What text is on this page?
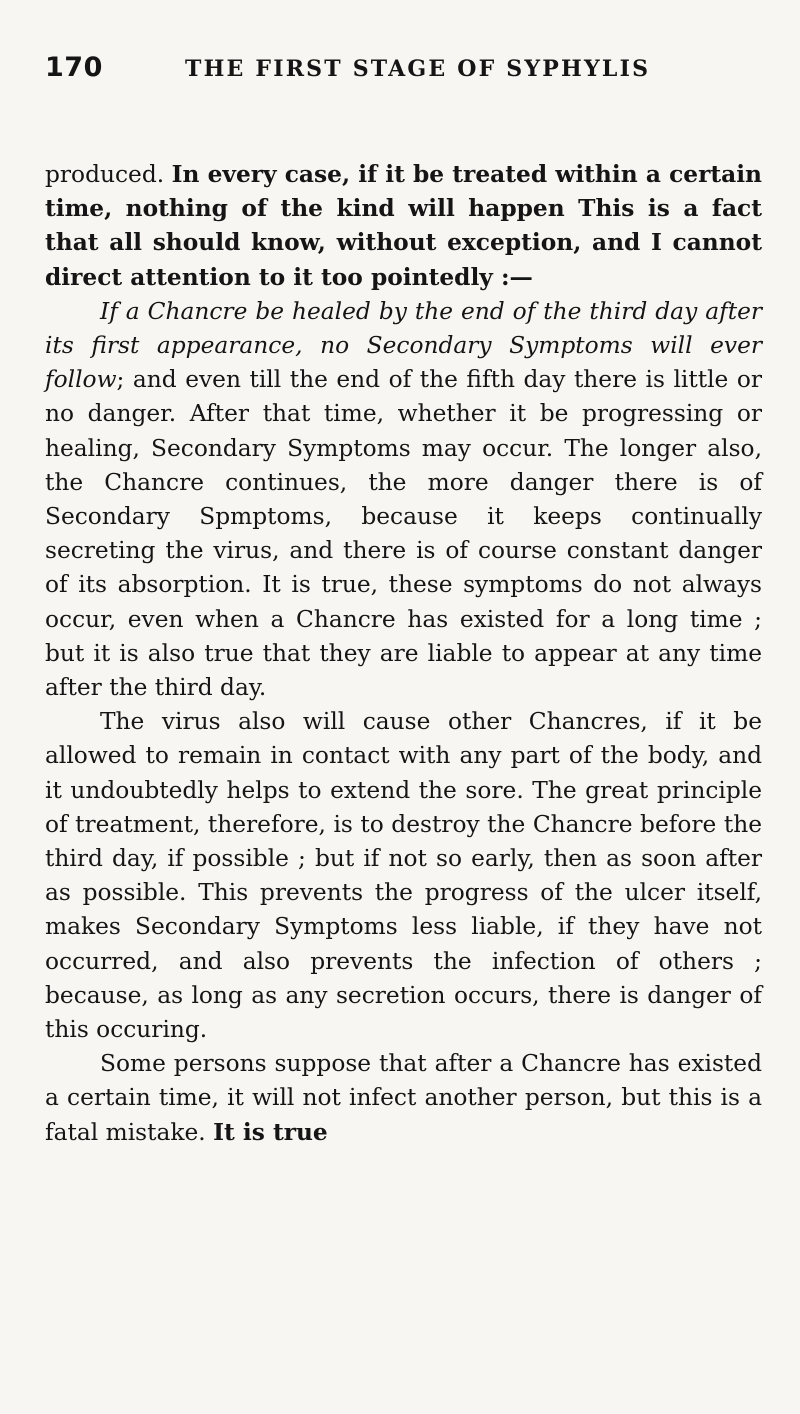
170	THE FIRST STAGE OF SYPHYLIS

produced. In every case, if it be treated within a certain time, nothing of the kind will happen This is a fact that all should know, without exception, and I cannot direct attention to it too pointedly :—

If a Chancre be healed by the end of the third day after its first appearance, no Secondary Symptoms will ever follow; and even till the end of the fifth day there is little or no danger. After that time, whether it be progressing or healing, Secondary Symptoms may occur. The longer also, the Chancre continues, the more danger there is of Secondary Spmptoms, because it keeps continually secreting the virus, and there is of course constant danger of its absorption. It is true, these symptoms do not always occur, even when a Chancre has existed for a long time ; but it is also true that they are liable to appear at any time after the third day.

The virus also will cause other Chancres, if it be allowed to remain in contact with any part of the body, and it undoubtedly helps to extend the sore. The great principle of treatment, therefore, is to destroy the Chancre before the third day, if possible ; but if not so early, then as soon after as possible. This prevents the progress of the ulcer itself, makes Secondary Symptoms less liable, if they have not occurred, and also prevents the infection of others ; because, as long as any secretion occurs, there is danger of this occuring.

Some persons suppose that after a Chancre has existed a certain time, it will not infect another person, but this is a fatal mistake. It is true
